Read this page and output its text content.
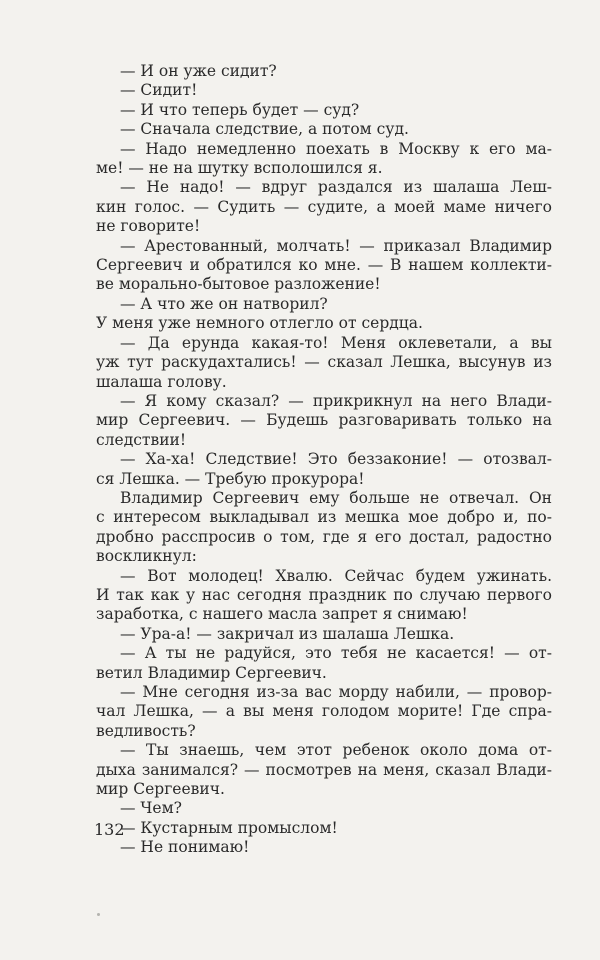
— И он уже сидит?
— Сидит!
— И что теперь будет — суд?
— Сначала следствие, а потом суд.
— Надо немедленно поехать в Москву к его ма-
ме! — не на шутку всполошился я.
— Не надо! — вдруг раздался из шалаша Леш-
кин голос. — Судить — судите, а моей маме ничего
не говорите!
— Арестованный, молчать! — приказал Владимир
Сергеевич и обратился ко мне. — В нашем коллекти-
ве морально-бытовое разложение!
— А что же он натворил?
У меня уже немного отлегло от сердца.
— Да ерунда какая-то! Меня оклеветали, а вы
уж тут раскудахтались! — сказал Лешка, высунув из
шалаша голову.
— Я кому сказал? — прикрикнул на него Влади-
мир Сергеевич. — Будешь разговаривать только на
следствии!
— Ха-ха! Следствие! Это беззаконие! — отозвал-
ся Лешка. — Требую прокурора!
Владимир Сергеевич ему больше не отвечал. Он
с интересом выкладывал из мешка мое добро и, по-
дробно расспросив о том, где я его достал, радостно
воскликнул:
— Вот молодец! Хвалю. Сейчас будем ужинать.
И так как у нас сегодня праздник по случаю первого
заработка, с нашего масла запрет я снимаю!
— Ура-а! — закричал из шалаша Лешка.
— А ты не радуйся, это тебя не касается! — от-
ветил Владимир Сергеевич.
— Мне сегодня из-за вас морду набили, — провор-
чал Лешка, — а вы меня голодом морите! Где спра-
ведливость?
— Ты знаешь, чем этот ребенок около дома от-
дыха занимался? — посмотрев на меня, сказал Влади-
мир Сергеевич.
— Чем?
— Кустарным промыслом!
— Не понимаю!
132
